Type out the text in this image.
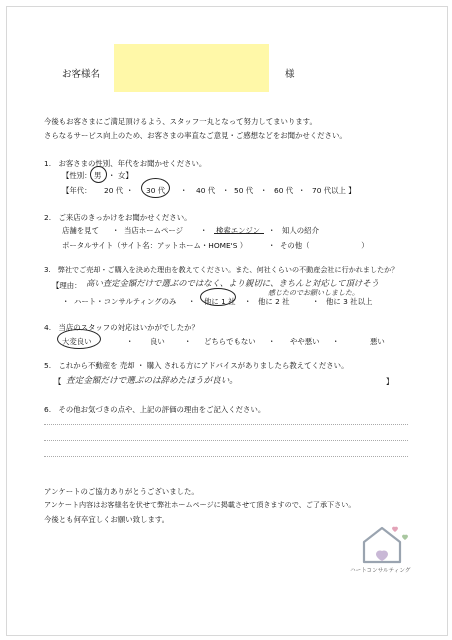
お客様名	様
今後もお客さまにご満足頂けるよう、スタッフ一丸となって努力してまいります。
さらなるサービス向上のため、お客さまの率直なご意見・ご感想などをお聞かせください。
1.　お客さまの性別、年代をお聞かせください。
【性別： 男 ・ 女】
【年代： 20 代 ・ 30 代 ・ 40 代 ・ 50 代 ・ 60 代 ・ 70 代以上 】
2.　ご来店のきっかけをお聞かせください。
店舗を見て ・ 当店ホームページ ・ 検索エンジン ・ 知人の紹介
ポータルサイト（サイト名：アットホーム・HOME'S ）	・ その他（　　　　　　　）
3.　弊社でご売却・ご購入を決めた理由を教えてください。また、何社くらいの不動産会社に行かれましたか？
【理由： 高い査定金額だけで選ぶのではなく、より親切に、きちんと対応して頂けそう
感じたのでお願いしました。
・ ハート・コンサルティングのみ ・ 他に 1 社 ・ 他に 2 社	・ 他に 3 社以上
4.　当店のスタッフの対応はいかがでしたか？
大変良い	・ 良い	・ どちらでもない ・ やや悪い ・	悪い
5.　これから不動産を 売却 ・ 購入 される方にアドバイスがありましたら教えてください。
【 査定金額だけで選ぶのは辞めたほうが良い。	】
6.　その他お気づきの点や、上記の評価の理由をご記入ください。
アンケートのご協力ありがとうございました。
アンケート内容はお客様名を伏せて弊社ホームページに掲載させて頂きますので、ご了承下さい。
今後とも何卒宜しくお願い致します。
ハートコンサルティング
